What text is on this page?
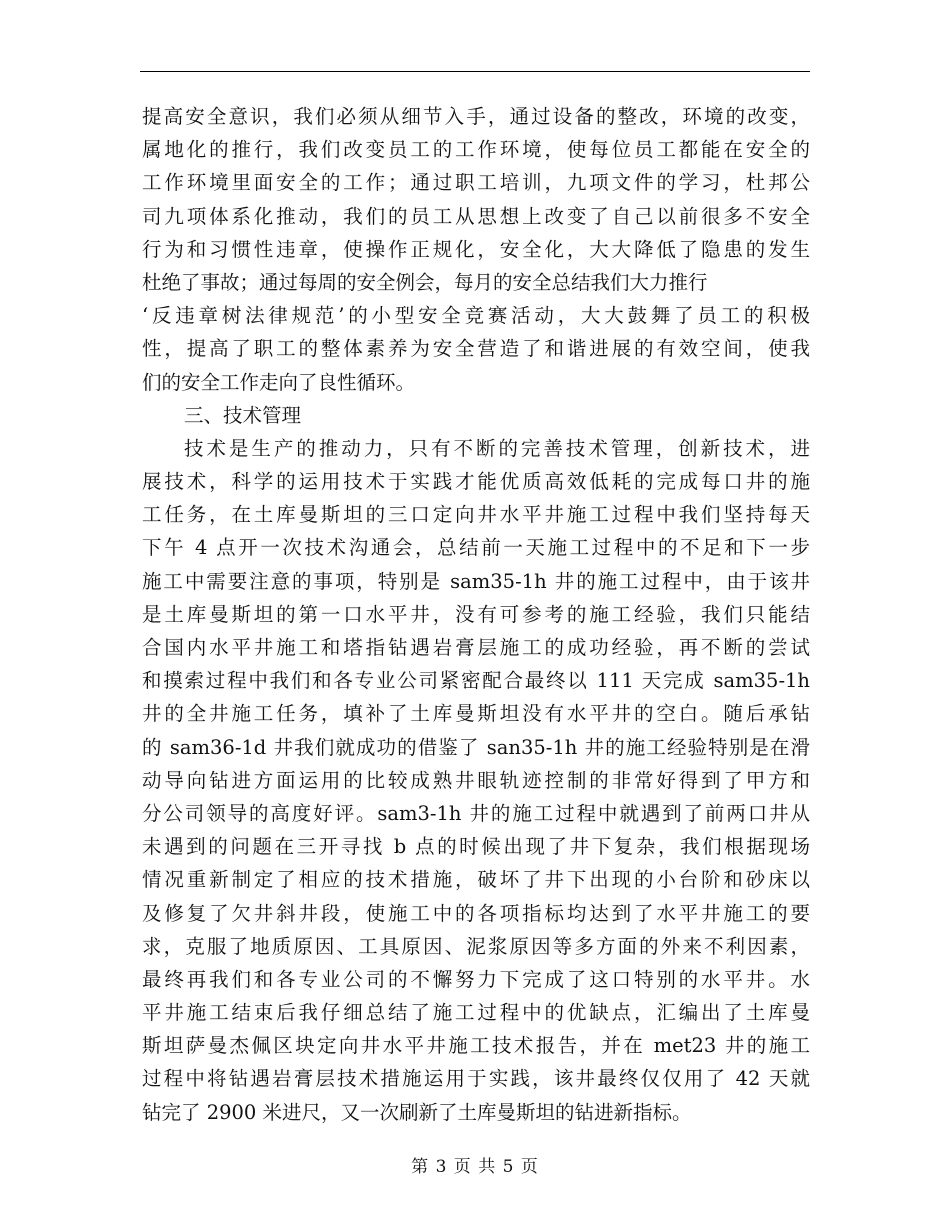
提高安全意识，我们必须从细节入手，通过设备的整改，环境的改变，
属地化的推行，我们改变员工的工作环境，使每位员工都能在安全的
工作环境里面安全的工作；通过职工培训，九项文件的学习，杜邦公
司九项体系化推动，我们的员工从思想上改变了自己以前很多不安全
行为和习惯性违章，使操作正规化，安全化，大大降低了隐患的发生
杜绝了事故；通过每周的安全例会，每月的安全总结我们大力推行
‘反违章树法律规范’的小型安全竞赛活动，大大鼓舞了员工的积极
性，提高了职工的整体素养为安全营造了和谐进展的有效空间，使我
们的安全工作走向了良性循环。
三、技术管理
技术是生产的推动力，只有不断的完善技术管理，创新技术，进
展技术，科学的运用技术于实践才能优质高效低耗的完成每口井的施
工任务，在土库曼斯坦的三口定向井水平井施工过程中我们坚持每天
下午 4 点开一次技术沟通会，总结前一天施工过程中的不足和下一步
施工中需要注意的事项，特别是 sam35-1h 井的施工过程中，由于该井
是土库曼斯坦的第一口水平井，没有可参考的施工经验，我们只能结
合国内水平井施工和塔指钻遇岩膏层施工的成功经验，再不断的尝试
和摸索过程中我们和各专业公司紧密配合最终以 111 天完成 sam35-1h
井的全井施工任务，填补了土库曼斯坦没有水平井的空白。随后承钻
的 sam36-1d 井我们就成功的借鉴了 san35-1h 井的施工经验特别是在滑
动导向钻进方面运用的比较成熟井眼轨迹控制的非常好得到了甲方和
分公司领导的高度好评。sam3-1h 井的施工过程中就遇到了前两口井从
未遇到的问题在三开寻找 b 点的时候出现了井下复杂，我们根据现场
情况重新制定了相应的技术措施，破坏了井下出现的小台阶和砂床以
及修复了欠井斜井段，使施工中的各项指标均达到了水平井施工的要
求，克服了地质原因、工具原因、泥浆原因等多方面的外来不利因素，
最终再我们和各专业公司的不懈努力下完成了这口特别的水平井。水
平井施工结束后我仔细总结了施工过程中的优缺点，汇编出了土库曼
斯坦萨曼杰佩区块定向井水平井施工技术报告，并在 met23 井的施工
过程中将钻遇岩膏层技术措施运用于实践，该井最终仅仅用了 42 天就
钻完了 2900 米进尺，又一次刷新了土库曼斯坦的钻进新指标。
第 3 页 共 5 页
